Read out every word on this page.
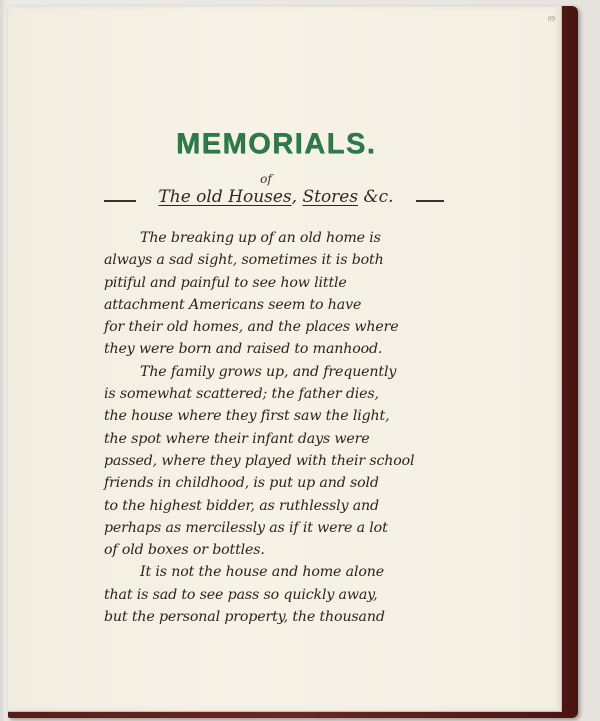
89
MEMORIALS.
of
The old Houses, Stores &c.
The breaking up of an old home is
always a sad sight, sometimes it is both
pitiful and painful to see how little
attachment Americans seem to have
for their old homes, and the places where
they were born and raised to manhood.
The family grows up, and frequently
is somewhat scattered; the father dies,
the house where they first saw the light,
the spot where their infant days were
passed, where they played with their school
friends in childhood, is put up and sold
to the highest bidder, as ruthlessly and
perhaps as mercilessly as if it were a lot
of old boxes or bottles.
It is not the house and home alone
that is sad to see pass so quickly away,
but the personal property, the thousand
